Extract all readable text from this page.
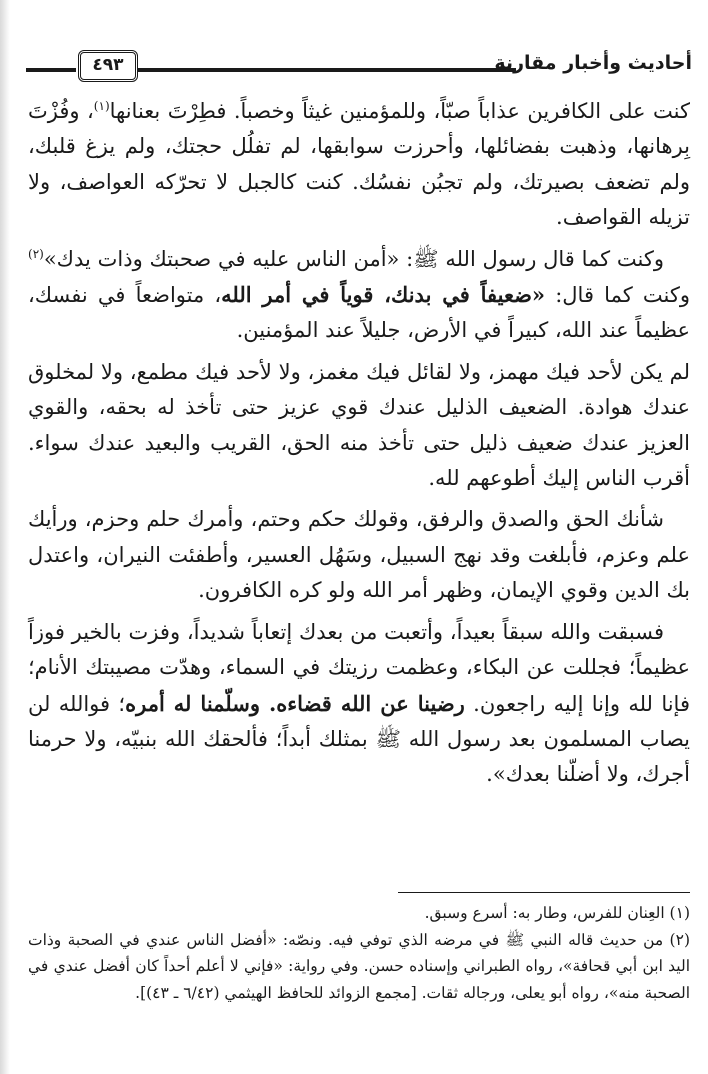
أحاديث وأخبار مقارنة
٤٩٣

كنت على الكافرين عذاباً صبّاً، وللمؤمنين غيثاً وخصباً. فطِرْتَ بعنانها$^{(١)}$، وفُزْتَ بِرهانها، وذهبت بفضائلها، وأحرزت سوابقها، لم تفلُل حجتك، ولم يزغ قلبك، ولم تضعف بصيرتك، ولم تجبُن نفسُك. كنت كالجبل لا تحرّكه العواصف، ولا تزيله القواصف.

وكنت كما قال رسول الله ﷺ: «أمن الناس عليه في صحبتك وذات يدك»$^{(٢)}$ وكنت كما قال: «ضعيفاً في بدنك، قوياً في أمر الله، متواضعاً في نفسك، عظيماً عند الله، كبيراً في الأرض، جليلاً عند المؤمنين.

لم يكن لأحد فيك مهمز، ولا لقائل فيك مغمز، ولا لأحد فيك مطمع، ولا لمخلوق عندك هوادة. الضعيف الذليل عندك قوي عزيز حتى تأخذ له بحقه، والقوي العزيز عندك ضعيف ذليل حتى تأخذ منه الحق، القريب والبعيد عندك سواء. أقرب الناس إليك أطوعهم لله.

شأنك الحق والصدق والرفق، وقولك حكم وحتم، وأمرك حلم وحزم، ورأيك علم وعزم، فأبلغت وقد نهج السبيل، وسَهُل العسير، وأطفئت النيران، واعتدل بك الدين وقوي الإيمان، وظهر أمر الله ولو كره الكافرون.

فسبقت والله سبقاً بعيداً، وأتعبت من بعدك إتعاباً شديداً، وفزت بالخير فوزاً عظيماً؛ فجللت عن البكاء، وعظمت رزيتك في السماء، وهدّت مصيبتك الأنام؛ فإنا لله وإنا إليه راجعون. رضينا عن الله قضاءه. وسلّمنا له أمره؛ فوالله لن يصاب المسلمون بعد رسول الله ﷺ بمثلك أبداً؛ فألحقك الله بنبيّه، ولا حرمنا أجرك، ولا أضلّنا بعدك».

(١) العِنان للفرس، وطار به: أسرع وسبق.

(٢) من حديث قاله النبي ﷺ في مرضه الذي توفي فيه. ونصّه: «أفضل الناس عندي في الصحبة وذات اليد ابن أبي قحافة»، رواه الطبراني وإسناده حسن. وفي رواية: «فإني لا أعلم أحداً كان أفضل عندي في الصحبة منه»، رواه أبو يعلى، ورجاله ثقات. [مجمع الزوائد للحافظ الهيثمي (٦/٤٢ ـ ٤٣)].
